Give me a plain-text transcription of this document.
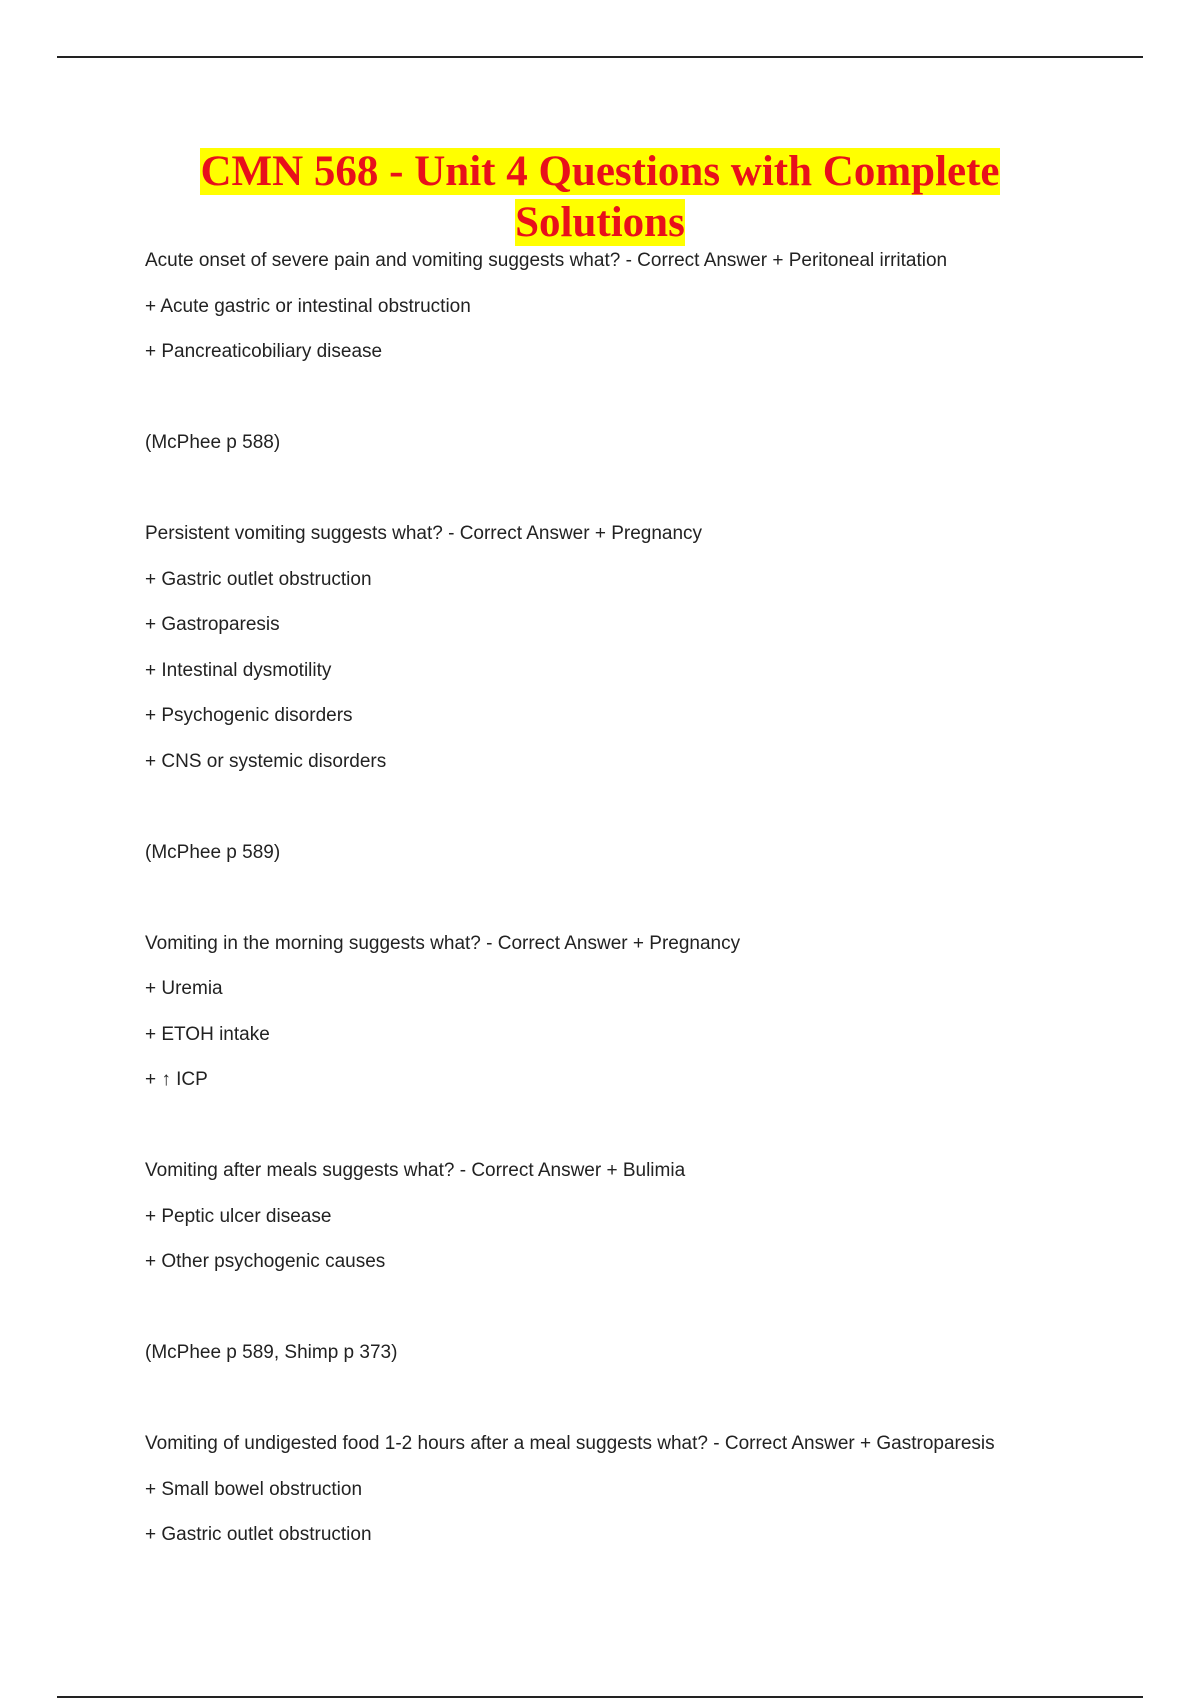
CMN 568 - Unit 4 Questions with Complete
Solutions
Acute onset of severe pain and vomiting suggests what? - Correct Answer + Peritoneal irritation
+ Acute gastric or intestinal obstruction
+ Pancreaticobiliary disease
(McPhee p 588)
Persistent vomiting suggests what? - Correct Answer + Pregnancy
+ Gastric outlet obstruction
+ Gastroparesis
+ Intestinal dysmotility
+ Psychogenic disorders
+ CNS or systemic disorders
(McPhee p 589)
Vomiting in the morning suggests what? - Correct Answer + Pregnancy
+ Uremia
+ ETOH intake
+ ↑ ICP
Vomiting after meals suggests what? - Correct Answer + Bulimia
+ Peptic ulcer disease
+ Other psychogenic causes
(McPhee p 589, Shimp p 373)
Vomiting of undigested food 1-2 hours after a meal suggests what? - Correct Answer + Gastroparesis
+ Small bowel obstruction
+ Gastric outlet obstruction
